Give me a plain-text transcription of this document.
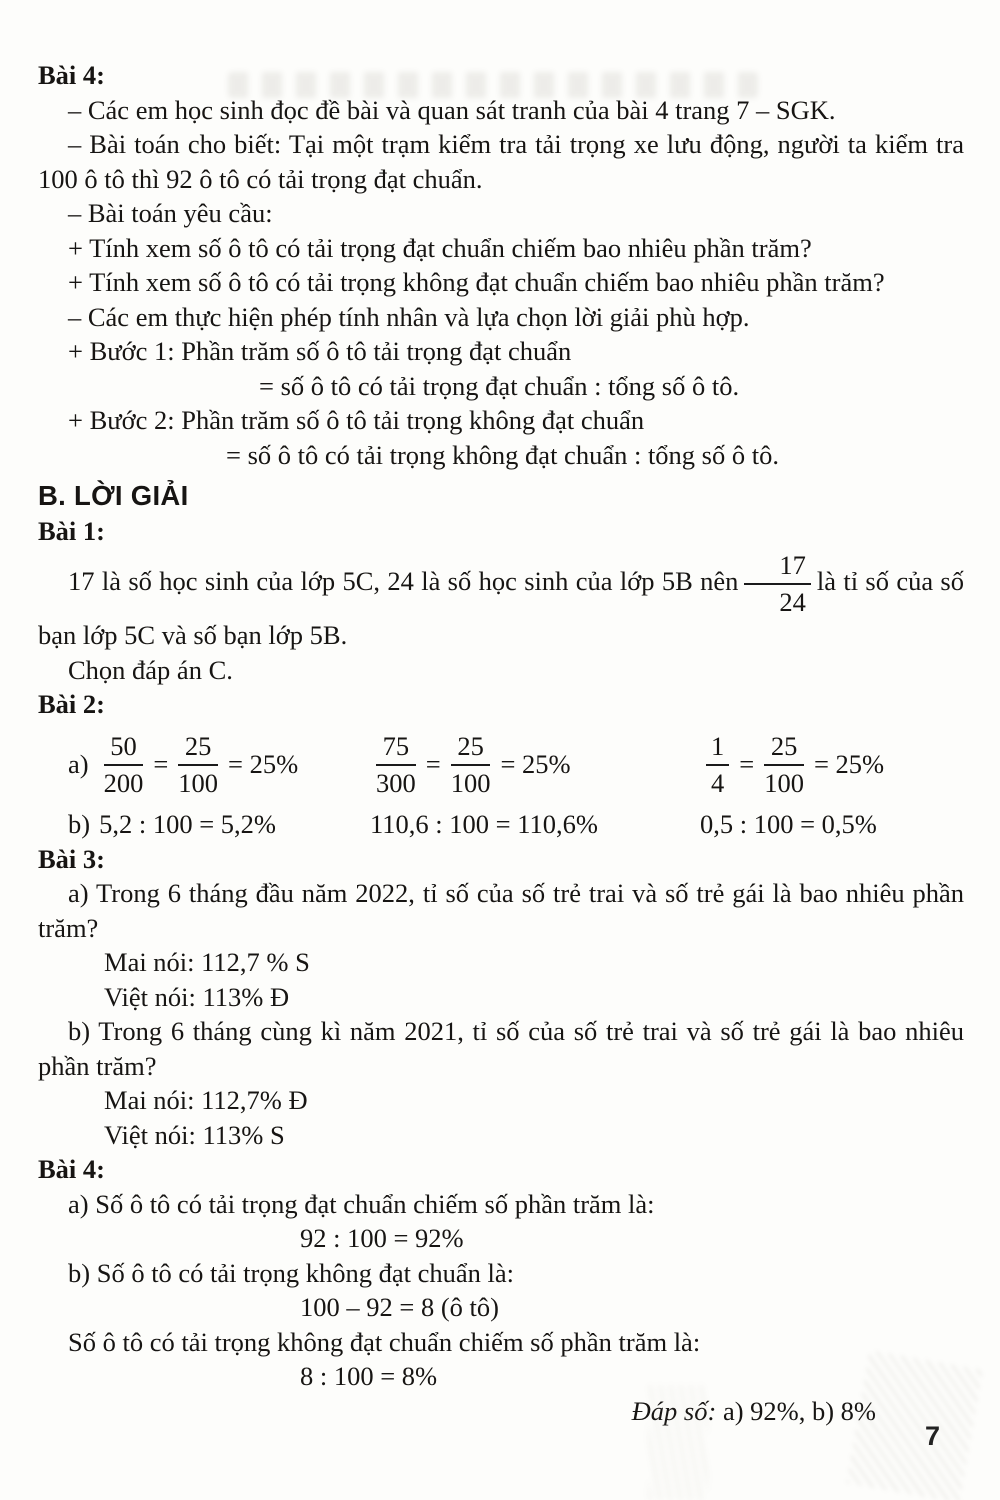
Bài 4:

– Các em học sinh đọc đề bài và quan sát tranh của bài 4 trang 7 – SGK.

– Bài toán cho biết: Tại một trạm kiểm tra tải trọng xe lưu động, người ta kiểm tra 100 ô tô thì 92 ô tô có tải trọng đạt chuẩn.

– Bài toán yêu cầu:

+ Tính xem số ô tô có tải trọng đạt chuẩn chiếm bao nhiêu phần trăm?

+ Tính xem số ô tô có tải trọng không đạt chuẩn chiếm bao nhiêu phần trăm?

– Các em thực hiện phép tính nhân và lựa chọn lời giải phù hợp.

+ Bước 1: Phần trăm số ô tô tải trọng đạt chuẩn

= số ô tô có tải trọng đạt chuẩn : tổng số ô tô.

+ Bước 2: Phần trăm số ô tô tải trọng không đạt chuẩn

= số ô tô có tải trọng không đạt chuẩn : tổng số ô tô.

B. LỜI GIẢI

Bài 1:

17 là số học sinh của lớp 5C, 24 là số học sinh của lớp 5B nên $\frac{17}{24}$ là tỉ số của số bạn lớp 5C và số bạn lớp 5B.

Chọn đáp án C.

Bài 2:

$a) \frac{50}{200} = \frac{25}{100} = 25\%$	$\frac{75}{300} = \frac{25}{100} = 25\%$	$\frac{1}{4} = \frac{25}{100} = 25\%$
b) 5,2 : 100 = 5,2%	110,6 : 100 = 110,6%	0,5 : 100 = 0,5%

Bài 3:

a) Trong 6 tháng đầu năm 2022, tỉ số của số trẻ trai và số trẻ gái là bao nhiêu phần trăm?

Mai nói: 112,7 % S

Việt nói: 113% Đ

b) Trong 6 tháng cùng kì năm 2021, tỉ số của số trẻ trai và số trẻ gái là bao nhiêu phần trăm?

Mai nói: 112,7% Đ

Việt nói: 113% S

Bài 4:

a) Số ô tô có tải trọng đạt chuẩn chiếm số phần trăm là:

92 : 100 = 92%

b) Số ô tô có tải trọng không đạt chuẩn là:

100 – 92 = 8 (ô tô)

Số ô tô có tải trọng không đạt chuẩn chiếm số phần trăm là:

8 : 100 = 8%

Đáp số: a) 92%, b) 8%

7
